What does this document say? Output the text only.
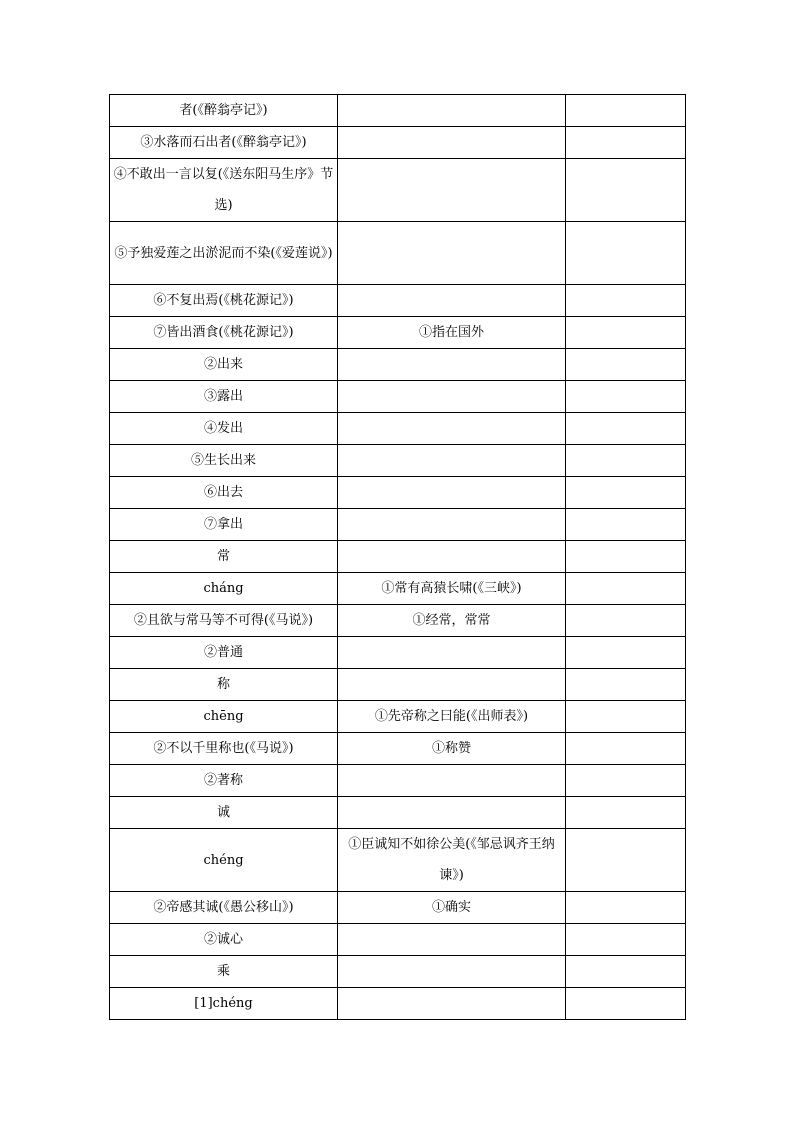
者(《醉翁亭记》)		
③水落而石出者(《醉翁亭记》)		
④不敢出一言以复(《送东阳马生序》节选)		
⑤予独爱莲之出淤泥而不染(《爱莲说》)		
⑥不复出焉(《桃花源记》)		
⑦皆出酒食(《桃花源记》)	①指在国外	
②出来		
③露出		
④发出		
⑤生长出来		
⑥出去		
⑦拿出		
常		
cháng	①常有高猿长啸(《三峡》)	
②且欲与常马等不可得(《马说》)	①经常，常常	
②普通		
称		
chēng	①先帝称之曰能(《出师表》)	
②不以千里称也(《马说》)	①称赞	
②著称		
诚		
chéng	①臣诚知不如徐公美(《邹忌讽齐王纳谏》)	
②帝感其诚(《愚公移山》)	①确实	
②诚心		
乘		
[1]chéng		
